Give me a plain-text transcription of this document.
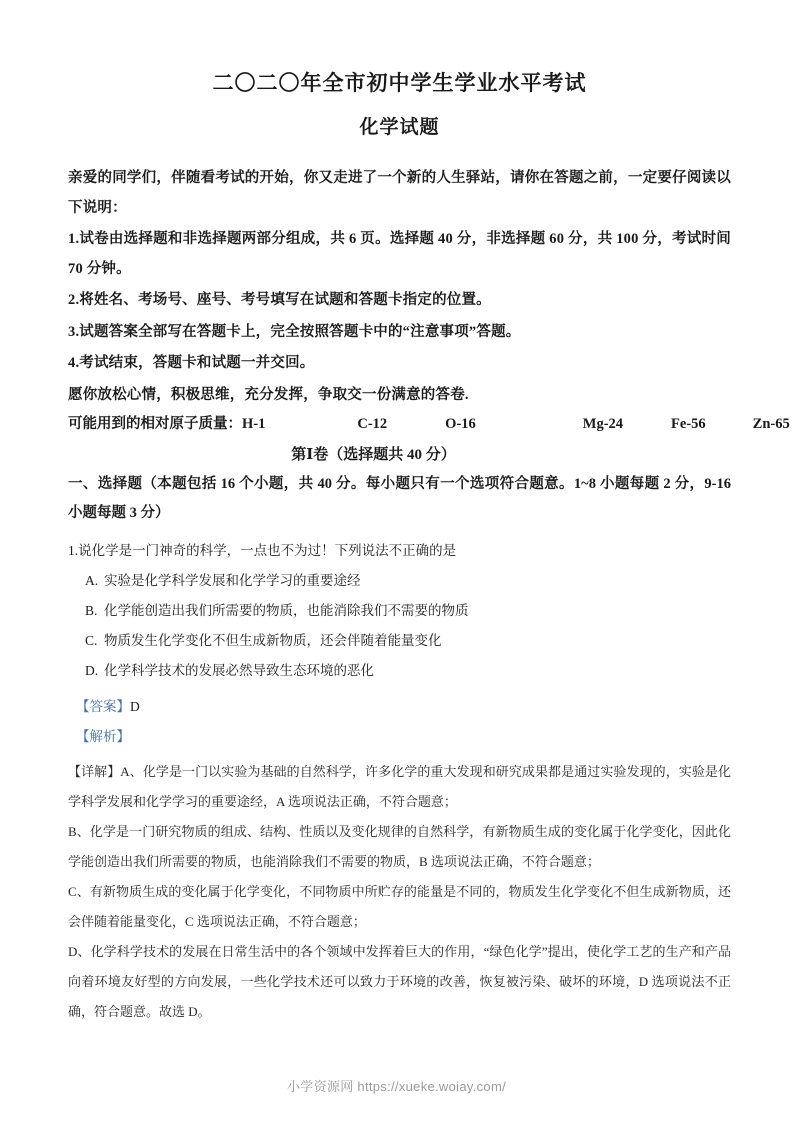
二〇二〇年全市初中学生学业水平考试
化学试题

亲爱的同学们，伴随看考试的开始，你又走进了一个新的人生驿站，请你在答题之前，一定要仔阅读以下说明：

1.试卷由选择题和非选择题两部分组成，共 6 页。选择题 40 分，非选择题 60 分，共 100 分，考试时间 70 分钟。

2.将姓名、考场号、座号、考号填写在试题和答题卡指定的位置。

3.试题答案全部写在答题卡上，完全按照答题卡中的“注意事项”答题。

4.考试结束，答题卡和试题一并交回。

愿你放松心情，积极思维，充分发挥，争取交一份满意的答卷.

可能用到的相对原子质量：H-1	C-12	O-16	Mg-24	Fe-56	Zn-65

第Ⅰ卷（选择题共 40 分）

一、选择题（本题包括 16 个小题，共 40 分。每小题只有一个选项符合题意。1~8 小题每题 2 分，9-16 小题每题 3 分）

1.说化学是一门神奇的科学，一点也不为过！下列说法不正确的是

A. 实验是化学科学发展和化学学习的重要途经

B. 化学能创造出我们所需要的物质，也能消除我们不需要的物质

C. 物质发生化学变化不但生成新物质，还会伴随着能量变化

D. 化学科学技术的发展必然导致生态环境的恶化

【答案】D

【解析】

【详解】A、化学是一门以实验为基础的自然科学，许多化学的重大发现和研究成果都是通过实验发现的，实验是化学科学发展和化学学习的重要途经，A 选项说法正确，不符合题意；

B、化学是一门研究物质的组成、结构、性质以及变化规律的自然科学，有新物质生成的变化属于化学变化，因此化学能创造出我们所需要的物质，也能消除我们不需要的物质，B 选项说法正确，不符合题意；

C、有新物质生成的变化属于化学变化，不同物质中所贮存的能量是不同的，物质发生化学变化不但生成新物质，还会伴随着能量变化，C 选项说法正确，不符合题意；

D、化学科学技术的发展在日常生活中的各个领域中发挥着巨大的作用，“绿色化学”提出，使化学工艺的生产和产品向着环境友好型的方向发展，一些化学技术还可以致力于环境的改善，恢复被污染、破坏的环境，D 选项说法不正确，符合题意。故选 D。

小学资源网 https://xueke.woiay.com/
